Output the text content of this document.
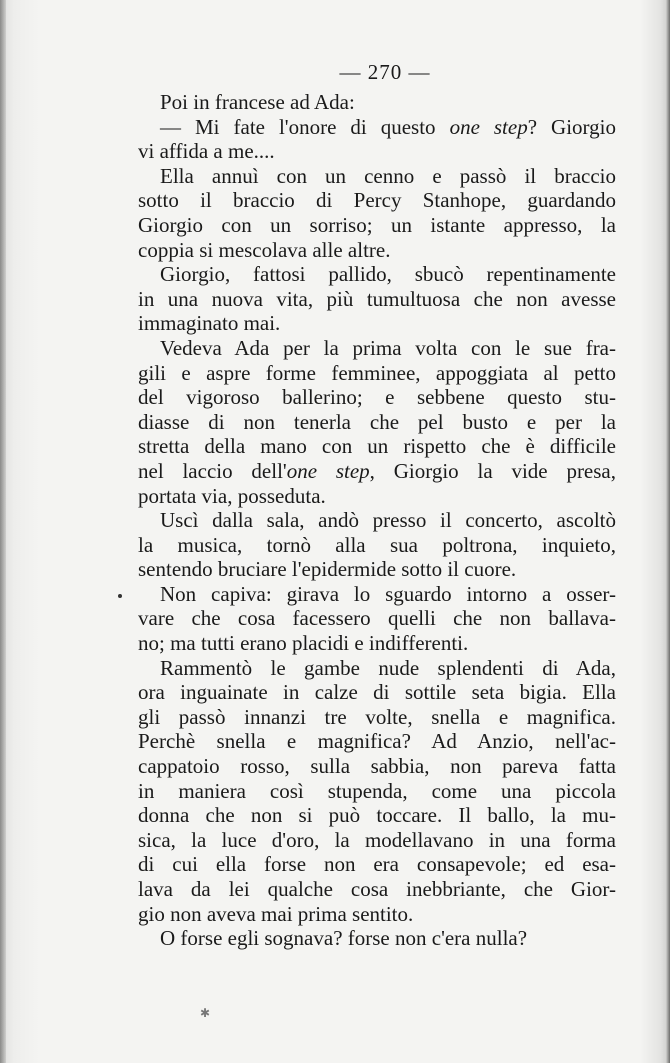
— 270 —
Poi in francese ad Ada:
— Mi fate l'onore di questo one step? Giorgio
vi affida a me....
Ella annuì con un cenno e passò il braccio
sotto il braccio di Percy Stanhope, guardando
Giorgio con un sorriso; un istante appresso, la
coppia si mescolava alle altre.
Giorgio, fattosi pallido, sbucò repentinamente
in una nuova vita, più tumultuosa che non avesse
immaginato mai.
Vedeva Ada per la prima volta con le sue fra-
gili e aspre forme femminee, appoggiata al petto
del vigoroso ballerino; e sebbene questo stu-
diasse di non tenerla che pel busto e per la
stretta della mano con un rispetto che è difficile
nel laccio dell'one step, Giorgio la vide presa,
portata via, posseduta.
Uscì dalla sala, andò presso il concerto, ascoltò
la musica, tornò alla sua poltrona, inquieto,
sentendo bruciare l'epidermide sotto il cuore.
Non capiva: girava lo sguardo intorno a osser-
vare che cosa facessero quelli che non ballava-
no; ma tutti erano placidi e indifferenti.
Rammentò le gambe nude splendenti di Ada,
ora inguainate in calze di sottile seta bigia. Ella
gli passò innanzi tre volte, snella e magnifica.
Perchè snella e magnifica? Ad Anzio, nell'ac-
cappatoio rosso, sulla sabbia, non pareva fatta
in maniera così stupenda, come una piccola
donna che non si può toccare. Il ballo, la mu-
sica, la luce d'oro, la modellavano in una forma
di cui ella forse non era consapevole; ed esa-
lava da lei qualche cosa inebbriante, che Gior-
gio non aveva mai prima sentito.
O forse egli sognava? forse non c'era nulla?
✱
